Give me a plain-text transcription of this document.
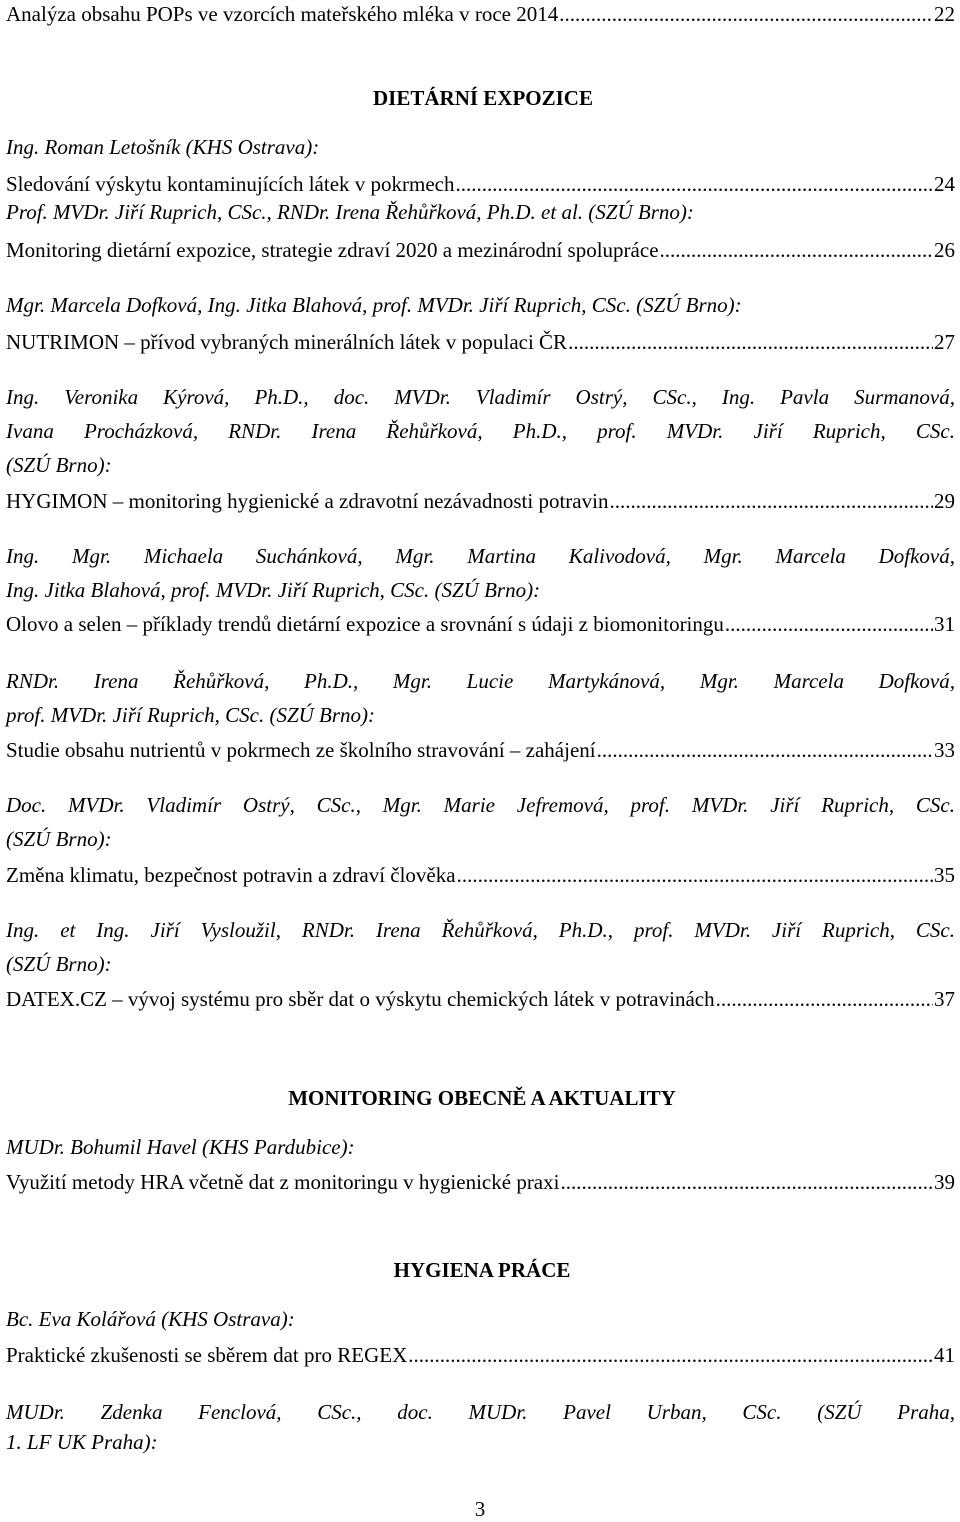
Analýza obsahu POPs ve vzorcích mateřského mléka v roce 2014 .....	22
DIETÁRNÍ EXPOZICE
Ing. Roman Letošník (KHS Ostrava):
Sledování výskytu kontaminujících látek v pokrmech .....	24
Prof. MVDr. Jiří Ruprich, CSc., RNDr. Irena Řehůřková, Ph.D. et al. (SZÚ Brno):
Monitoring dietární expozice, strategie zdraví 2020 a mezinárodní spolupráce .....	26
Mgr. Marcela Dofková, Ing. Jitka Blahová, prof. MVDr. Jiří Ruprich, CSc. (SZÚ Brno):
NUTRIMON – přívod vybraných minerálních látek v populaci ČR .....	27
Ing. Veronika Kýrová, Ph.D., doc. MVDr. Vladimír Ostrý, CSc., Ing. Pavla Surmanová,
Ivana Procházková, RNDr. Irena Řehůřková, Ph.D., prof. MVDr. Jiří Ruprich, CSc.
(SZÚ Brno):
HYGIMON – monitoring hygienické a zdravotní nezávadnosti potravin .....	29
Ing. Mgr. Michaela Suchánková, Mgr. Martina Kalivodová, Mgr. Marcela Dofková,
Ing. Jitka Blahová, prof. MVDr. Jiří Ruprich, CSc. (SZÚ Brno):
Olovo a selen – příklady trendů dietární expozice a srovnání s údaji z biomonitoringu .....	31
RNDr. Irena Řehůřková, Ph.D., Mgr. Lucie Martykánová, Mgr. Marcela Dofková,
prof. MVDr. Jiří Ruprich, CSc. (SZÚ Brno):
Studie obsahu nutrientů v pokrmech ze školního stravování – zahájení .....	33
Doc. MVDr. Vladimír Ostrý, CSc., Mgr. Marie Jefremová, prof. MVDr. Jiří Ruprich, CSc.
(SZÚ Brno):
Změna klimatu, bezpečnost potravin a zdraví člověka .....	35
Ing. et Ing. Jiří Vysloužil, RNDr. Irena Řehůřková, Ph.D., prof. MVDr. Jiří Ruprich, CSc.
(SZÚ Brno):
DATEX.CZ – vývoj systému pro sběr dat o výskytu chemických látek v potravinách .....	37
MONITORING OBECNĚ A AKTUALITY
MUDr. Bohumil Havel (KHS Pardubice):
Využití metody HRA včetně dat z monitoringu v hygienické praxi .....	39
HYGIENA PRÁCE
Bc. Eva Kolářová (KHS Ostrava):
Praktické zkušenosti se sběrem dat pro REGEX .....	41
MUDr. Zdenka Fenclová, CSc., doc. MUDr. Pavel Urban, CSc. (SZÚ Praha,
1. LF UK Praha):
3
